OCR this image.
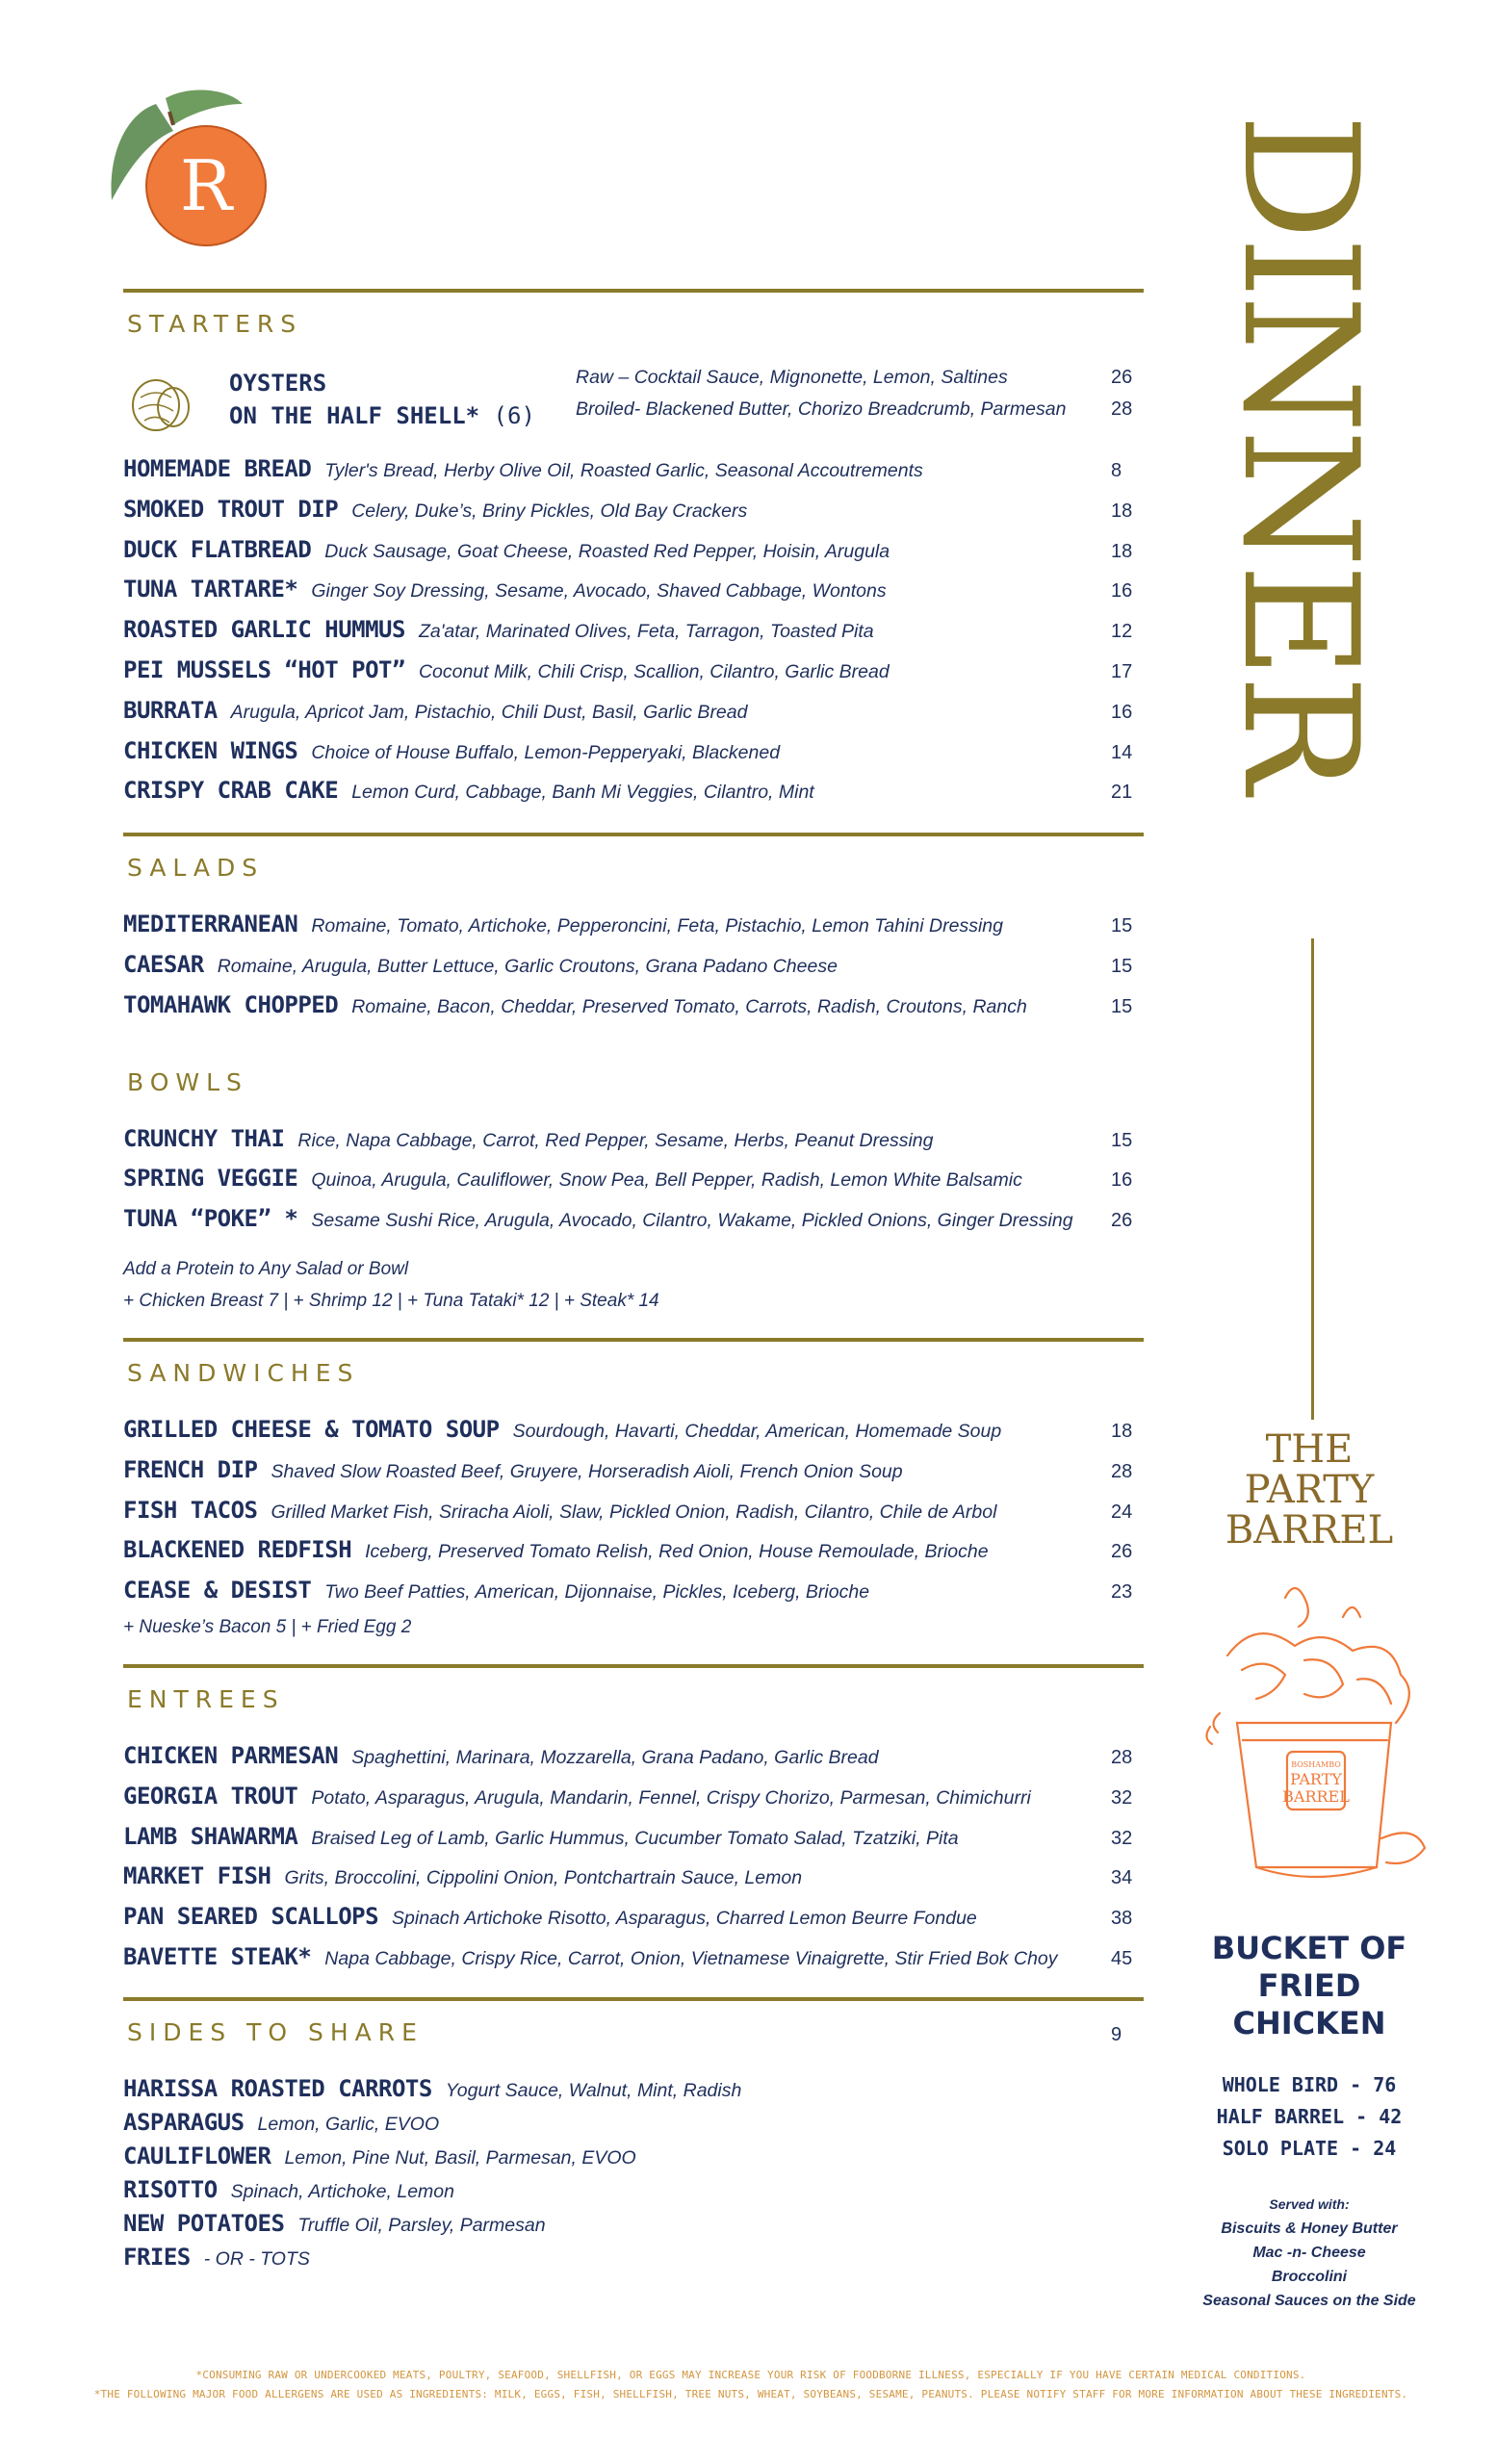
R	DINNER
STARTERS
OYSTERS
ON THE HALF SHELL* (6)
Raw – Cocktail Sauce, Mignonette, Lemon, Saltines	26
Broiled- Blackened Butter, Chorizo Breadcrumb, Parmesan	28
HOMEMADE BREAD Tyler's Bread, Herby Olive Oil, Roasted Garlic, Seasonal Accoutrements	8
SMOKED TROUT DIP Celery, Duke’s, Briny Pickles, Old Bay Crackers	18
DUCK FLATBREAD Duck Sausage, Goat Cheese, Roasted Red Pepper, Hoisin, Arugula	18
TUNA TARTARE* Ginger Soy Dressing, Sesame, Avocado, Shaved Cabbage, Wontons	16
ROASTED GARLIC HUMMUS Za'atar, Marinated Olives, Feta, Tarragon, Toasted Pita	12
PEI MUSSELS “HOT POT” Coconut Milk, Chili Crisp, Scallion, Cilantro, Garlic Bread	17
BURRATA Arugula, Apricot Jam, Pistachio, Chili Dust, Basil, Garlic Bread	16
CHICKEN WINGS Choice of House Buffalo, Lemon-Pepperyaki, Blackened	14
CRISPY CRAB CAKE Lemon Curd, Cabbage, Banh Mi Veggies, Cilantro, Mint	21
SALADS
MEDITERRANEAN Romaine, Tomato, Artichoke, Pepperoncini, Feta, Pistachio, Lemon Tahini Dressing	15
CAESAR Romaine, Arugula, Butter Lettuce, Garlic Croutons, Grana Padano Cheese	15
TOMAHAWK CHOPPED Romaine, Bacon, Cheddar, Preserved Tomato, Carrots, Radish, Croutons, Ranch	15
BOWLS
CRUNCHY THAI Rice, Napa Cabbage, Carrot, Red Pepper, Sesame, Herbs, Peanut Dressing	15
SPRING VEGGIE Quinoa, Arugula, Cauliflower, Snow Pea, Bell Pepper, Radish, Lemon White Balsamic	16
TUNA “POKE” * Sesame Sushi Rice, Arugula, Avocado, Cilantro, Wakame, Pickled Onions, Ginger Dressing	26
Add a Protein to Any Salad or Bowl
+ Chicken Breast 7 | + Shrimp 12 | + Tuna Tataki* 12 | + Steak* 14
SANDWICHES
GRILLED CHEESE & TOMATO SOUP Sourdough, Havarti, Cheddar, American, Homemade Soup	18
FRENCH DIP Shaved Slow Roasted Beef, Gruyere, Horseradish Aioli, French Onion Soup	28
FISH TACOS Grilled Market Fish, Sriracha Aioli, Slaw, Pickled Onion, Radish, Cilantro, Chile de Arbol	24
BLACKENED REDFISH Iceberg, Preserved Tomato Relish, Red Onion, House Remoulade, Brioche	26
CEASE & DESIST Two Beef Patties, American, Dijonnaise, Pickles, Iceberg, Brioche	23
+ Nueske’s Bacon 5 | + Fried Egg 2
ENTREES
CHICKEN PARMESAN Spaghettini, Marinara, Mozzarella, Grana Padano, Garlic Bread	28
GEORGIA TROUT Potato, Asparagus, Arugula, Mandarin, Fennel, Crispy Chorizo, Parmesan, Chimichurri	32
LAMB SHAWARMA Braised Leg of Lamb, Garlic Hummus, Cucumber Tomato Salad, Tzatziki, Pita	32
MARKET FISH Grits, Broccolini, Cippolini Onion, Pontchartrain Sauce, Lemon	34
PAN SEARED SCALLOPS Spinach Artichoke Risotto, Asparagus, Charred Lemon Beurre Fondue	38
BAVETTE STEAK* Napa Cabbage, Crispy Rice, Carrot, Onion, Vietnamese Vinaigrette, Stir Fried Bok Choy	45
SIDES TO SHARE	9
HARISSA ROASTED CARROTS Yogurt Sauce, Walnut, Mint, Radish
ASPARAGUS Lemon, Garlic, EVOO
CAULIFLOWER Lemon, Pine Nut, Basil, Parmesan, EVOO
RISOTTO Spinach, Artichoke, Lemon
NEW POTATOES Truffle Oil, Parsley, Parmesan
FRIES - OR - TOTS
THE
PARTY
BARREL
BOSHAMBO
PARTY
BARREL
BUCKET OF
FRIED
CHICKEN
WHOLE BIRD - 76
HALF BARREL - 42
SOLO PLATE - 24
Served with:
Biscuits & Honey Butter
Mac -n- Cheese
Broccolini
Seasonal Sauces on the Side
*CONSUMING RAW OR UNDERCOOKED MEATS, POULTRY, SEAFOOD, SHELLFISH, OR EGGS MAY INCREASE YOUR RISK OF FOODBORNE ILLNESS, ESPECIALLY IF YOU HAVE CERTAIN MEDICAL CONDITIONS.
*THE FOLLOWING MAJOR FOOD ALLERGENS ARE USED AS INGREDIENTS: MILK, EGGS, FISH, SHELLFISH, TREE NUTS, WHEAT, SOYBEANS, SESAME, PEANUTS. PLEASE NOTIFY STAFF FOR MORE INFORMATION ABOUT THESE INGREDIENTS.
